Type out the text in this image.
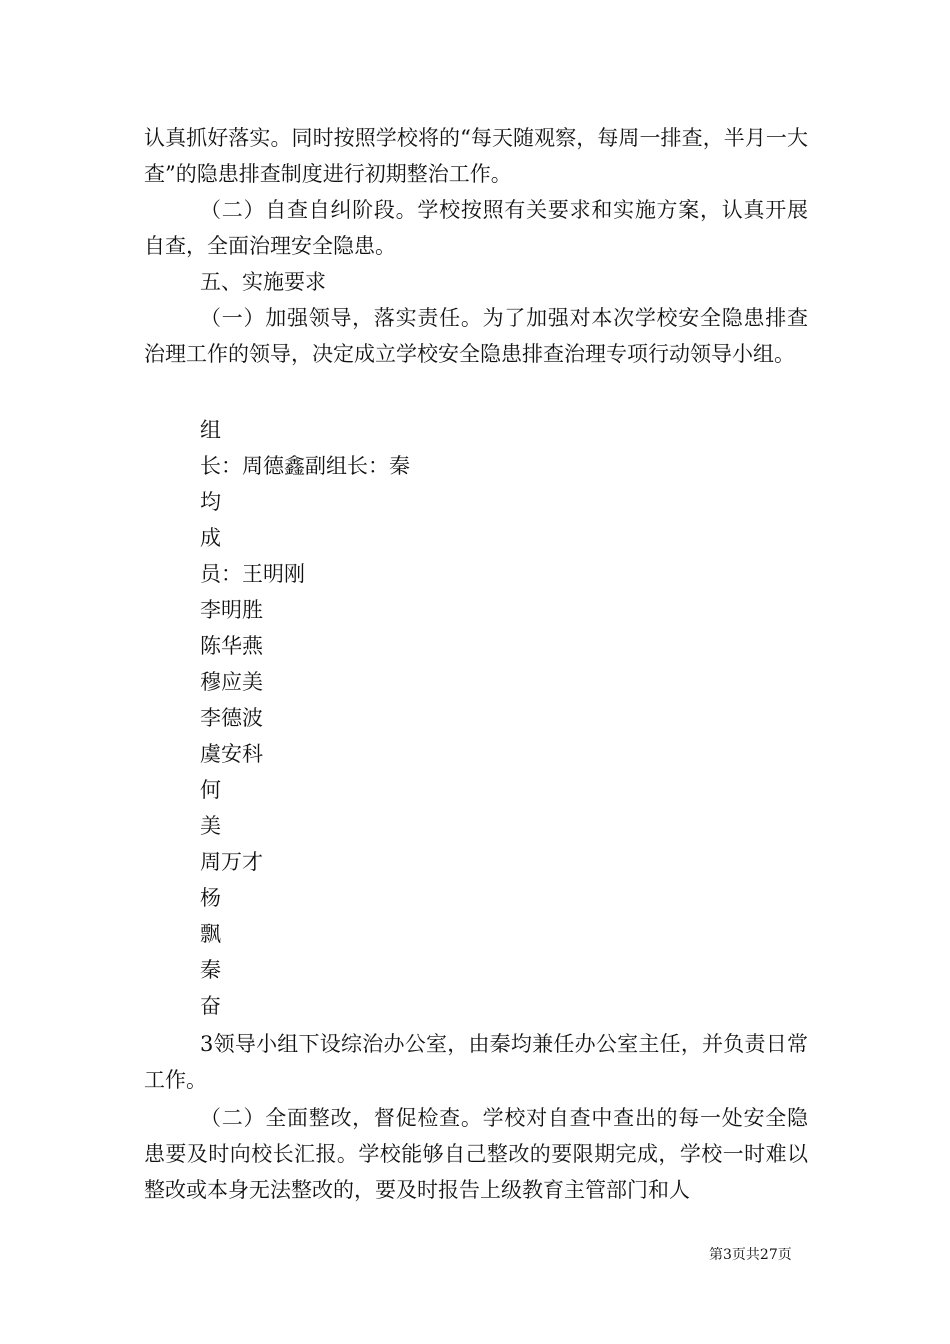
认真抓好落实。同时按照学校将的“每天随观察，每周一排查，半月一大查”的隐患排查制度进行初期整治工作。

（二）自查自纠阶段。学校按照有关要求和实施方案，认真开展自查，全面治理安全隐患。

五、实施要求

（一）加强领导，落实责任。为了加强对本次学校安全隐患排查治理工作的领导，决定成立学校安全隐患排查治理专项行动领导小组。

组

长：周德鑫副组长：秦

均

成

员：王明刚

李明胜

陈华燕

穆应美

李德波

虞安科

何

美

周万才

杨

飘

秦

奋

3领导小组下设综治办公室，由秦均兼任办公室主任，并负责日常工作。

（二）全面整改，督促检查。学校对自查中查出的每一处安全隐患要及时向校长汇报。学校能够自己整改的要限期完成，学校一时难以整改或本身无法整改的，要及时报告上级教育主管部门和人

第3页共27页
